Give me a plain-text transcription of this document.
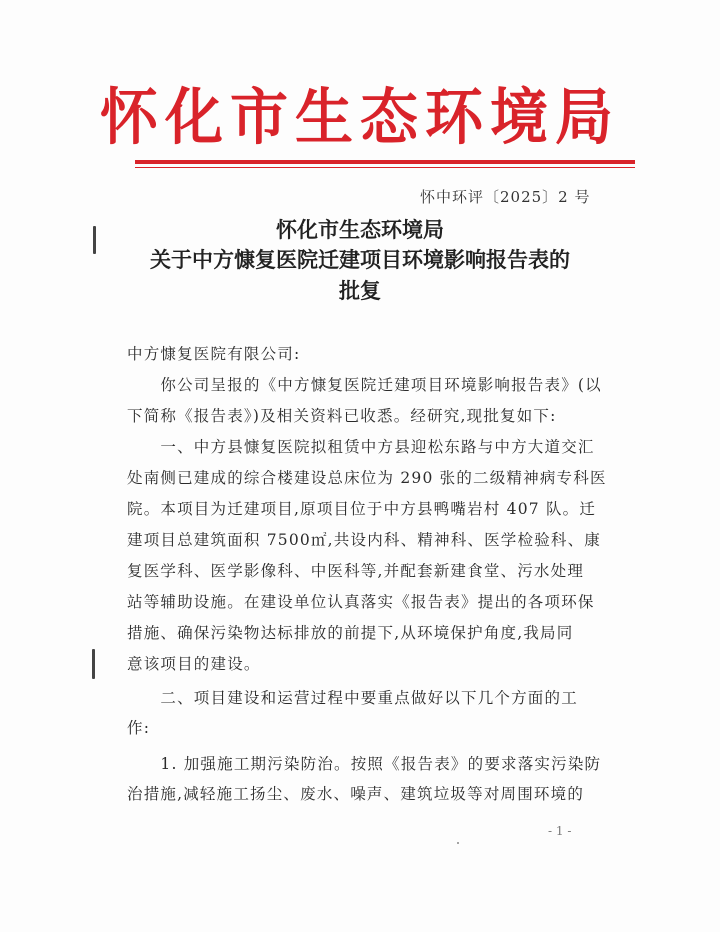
怀化市生态环境局
怀中环评〔2025〕2 号
怀化市生态环境局
关于中方慷复医院迁建项目环境影响报告表的
批复
中方慷复医院有限公司:
　　你公司呈报的《中方慷复医院迁建项目环境影响报告表》(以
下简称《报告表》)及相关资料已收悉。经研究,现批复如下:
　　一、中方县慷复医院拟租赁中方县迎松东路与中方大道交汇
处南侧已建成的综合楼建设总床位为 290 张的二级精神病专科医
院。本项目为迁建项目,原项目位于中方县鸭嘴岩村 407 队。迁
建项目总建筑面积 7500㎡,共设内科、精神科、医学检验科、康
复医学科、医学影像科、中医科等,并配套新建食堂、污水处理
站等辅助设施。在建设单位认真落实《报告表》提出的各项环保
措施、确保污染物达标排放的前提下,从环境保护角度,我局同
意该项目的建设。
　　二、项目建设和运营过程中要重点做好以下几个方面的工
作:
　　1. 加强施工期污染防治。按照《报告表》的要求落实污染防
治措施,减轻施工扬尘、废水、噪声、建筑垃圾等对周围环境的
- 1 -
